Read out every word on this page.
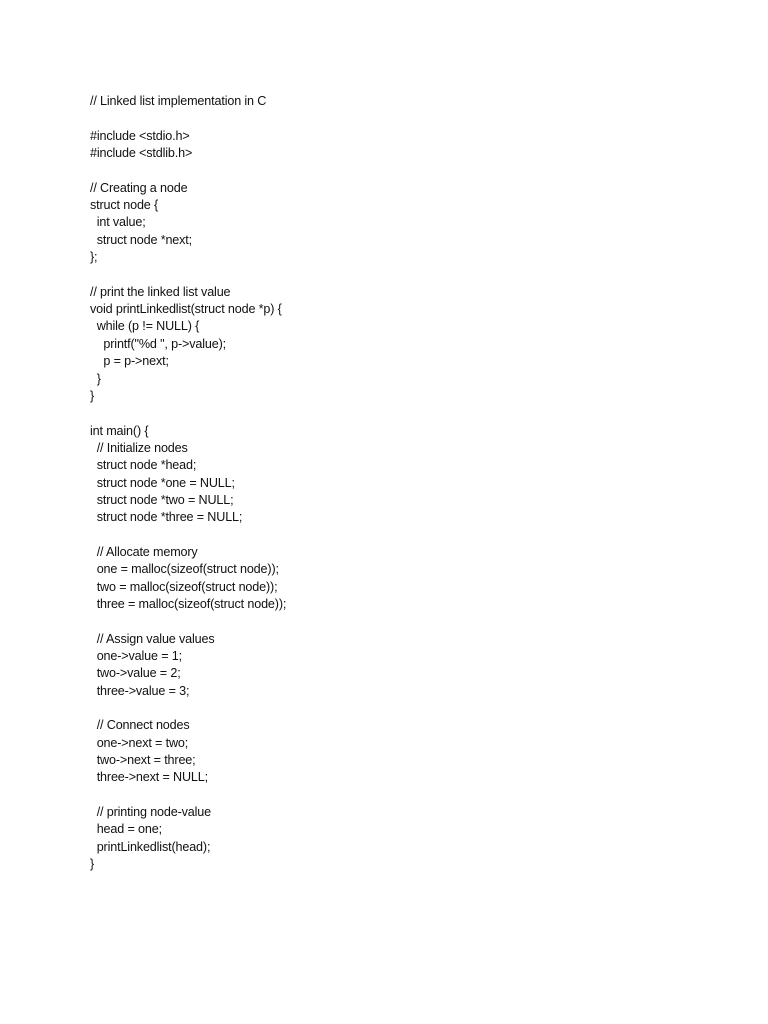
// Linked list implementation in C
#include <stdio.h>
#include <stdlib.h>
// Creating a node
struct node {
int value;
struct node *next;
};
// print the linked list value
void printLinkedlist(struct node *p) {
while (p != NULL) {
printf("%d ", p->value);
p = p->next;
}
}
int main() {
// Initialize nodes
struct node *head;
struct node *one = NULL;
struct node *two = NULL;
struct node *three = NULL;
// Allocate memory
one = malloc(sizeof(struct node));
two = malloc(sizeof(struct node));
three = malloc(sizeof(struct node));
// Assign value values
one->value = 1;
two->value = 2;
three->value = 3;
// Connect nodes
one->next = two;
two->next = three;
three->next = NULL;
// printing node-value
head = one;
printLinkedlist(head);
}
